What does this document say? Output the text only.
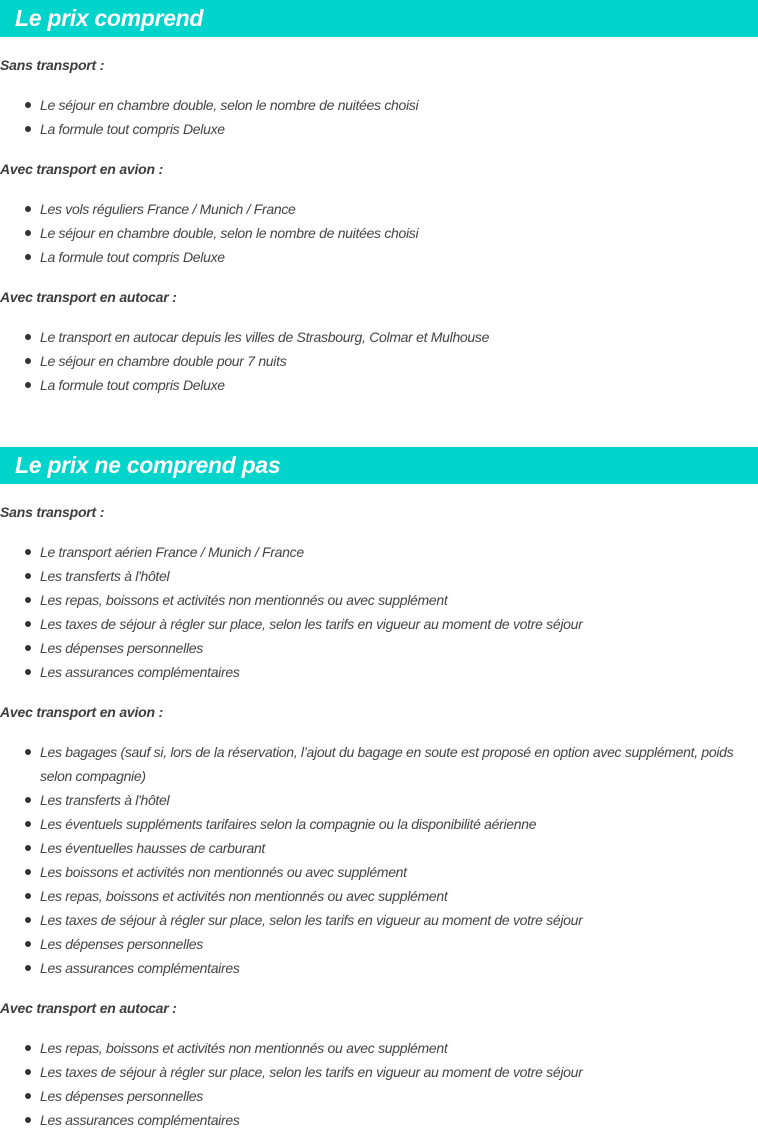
Le prix comprend

Sans transport :

Le séjour en chambre double, selon le nombre de nuitées choisi
La formule tout compris Deluxe

Avec transport en avion :

Les vols réguliers France / Munich / France
Le séjour en chambre double, selon le nombre de nuitées choisi
La formule tout compris Deluxe

Avec transport en autocar :

Le transport en autocar depuis les villes de Strasbourg, Colmar et Mulhouse
Le séjour en chambre double pour 7 nuits
La formule tout compris Deluxe
Le prix ne comprend pas

Sans transport :

Le transport aérien France / Munich / France
Les transferts à l'hôtel
Les repas, boissons et activités non mentionnés ou avec supplément
Les taxes de séjour à régler sur place, selon les tarifs en vigueur au moment de votre séjour
Les dépenses personnelles
Les assurances complémentaires

Avec transport en avion :

Les bagages (sauf si, lors de la réservation, l’ajout du bagage en soute est proposé en option avec supplément, poids selon compagnie)
Les transferts à l'hôtel
Les éventuels suppléments tarifaires selon la compagnie ou la disponibilité aérienne
Les éventuelles hausses de carburant
Les boissons et activités non mentionnés ou avec supplément
Les repas, boissons et activités non mentionnés ou avec supplément
Les taxes de séjour à régler sur place, selon les tarifs en vigueur au moment de votre séjour
Les dépenses personnelles
Les assurances complémentaires

Avec transport en autocar :

Les repas, boissons et activités non mentionnés ou avec supplément
Les taxes de séjour à régler sur place, selon les tarifs en vigueur au moment de votre séjour
Les dépenses personnelles
Les assurances complémentaires
